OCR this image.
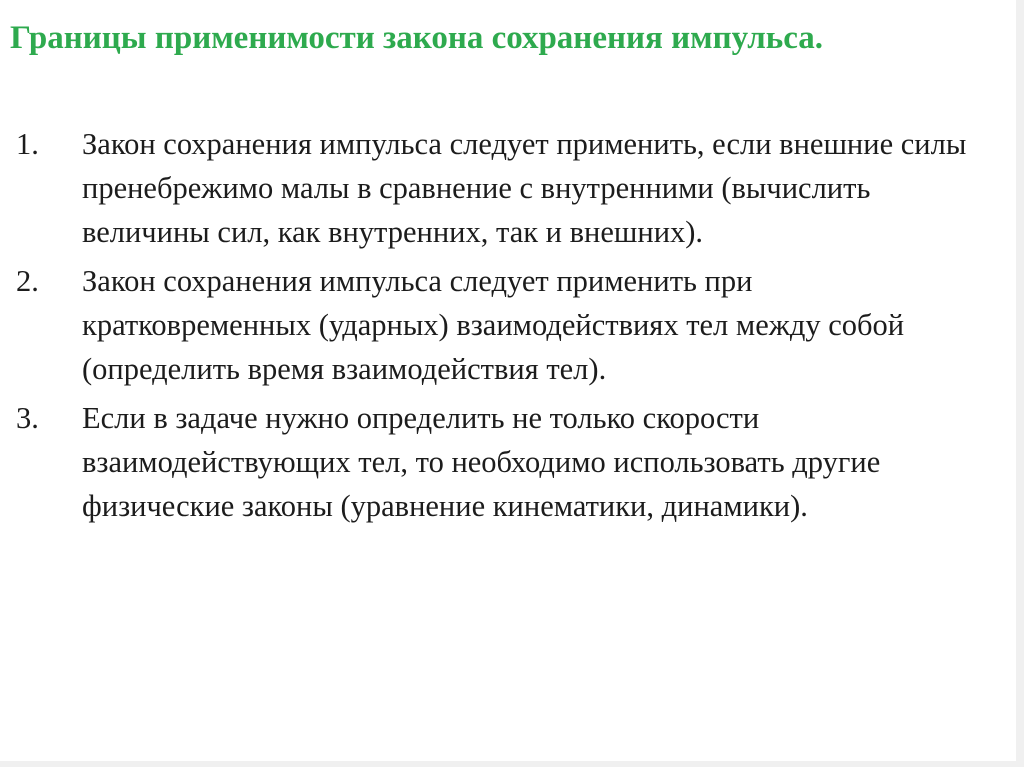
Границы применимости закона сохранения импульса.
1. Закон сохранения импульса следует применить, если внешние силы пренебрежимо малы в сравнение с внутренними (вычислить величины сил, как внутренних, так и внешних).
2. Закон сохранения импульса следует применить при кратковременных (ударных) взаимодействиях тел между собой (определить время взаимодействия тел).
3. Если в задаче нужно определить не только скорости взаимодействующих тел, то необходимо использовать другие физические законы (уравнение кинематики, динамики).
